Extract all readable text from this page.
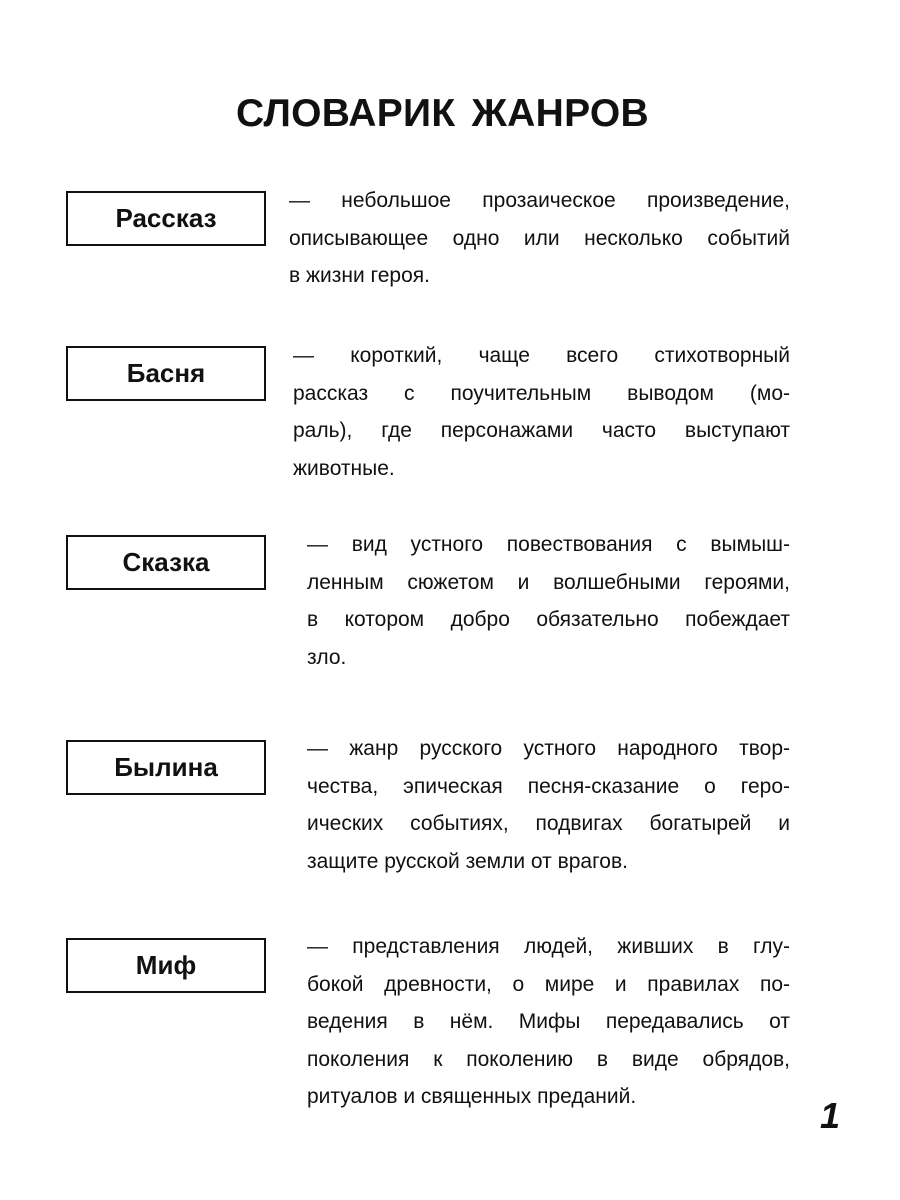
СЛОВАРИК ЖАНРОВ
Рассказ
— небольшое прозаическое произведение,
описывающее одно или несколько событий
в жизни героя.
Басня
— короткий, чаще всего стихотворный
рассказ с поучительным выводом (мо-
раль), где персонажами часто выступают
животные.
Сказка
— вид устного повествования с вымыш-
ленным сюжетом и волшебными героями,
в котором добро обязательно побеждает
зло.
Былина
— жанр русского устного народного твор-
чества, эпическая песня-сказание о геро-
ических событиях, подвигах богатырей и
защите русской земли от врагов.
Миф
— представления людей, живших в глу-
бокой древности, о мире и правилах по-
ведения в нём. Мифы передавались от
поколения к поколению в виде обрядов,
ритуалов и священных преданий.	1
